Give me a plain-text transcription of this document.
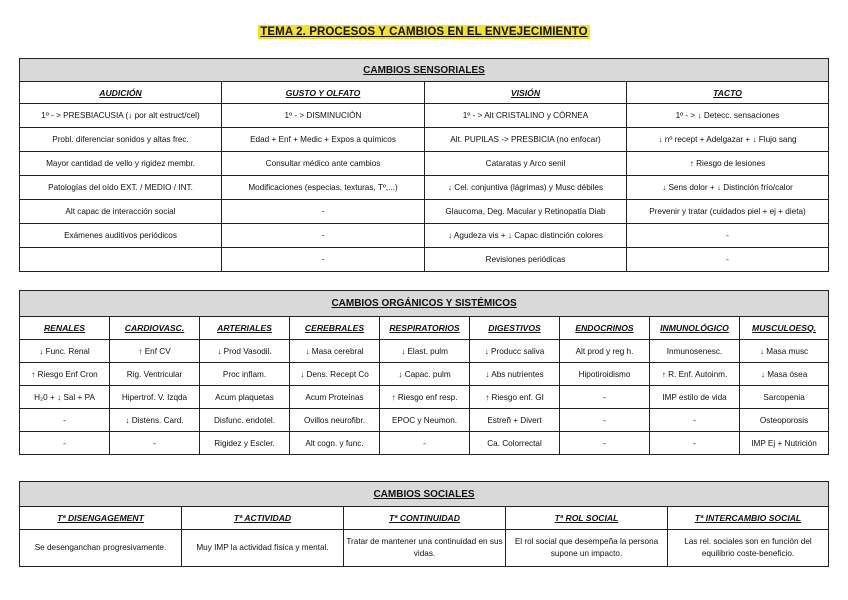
TEMA 2. PROCESOS Y CAMBIOS EN EL ENVEJECIMIENTO
CAMBIOS SENSORIALES			
AUDICIÓN	GUSTO Y OLFATO	VISIÓN	TACTO
1º - > PRESBIACUSIA (↓ por alt estruct/cel)	1º - > DISMINUCIÓN	1º - > Alt CRISTALINO y CÓRNEA	1º - > ↓ Detecc. sensaciones
Probl. diferenciar sonidos y altas frec.	Edad + Enf + Medic + Expos a químicos	Alt. PUPILAS -> PRESBICIA (no enfocar)	↓ nº recept + Adelgazar + ↓ Flujo sang
Mayor cantidad de vello y rigidez membr.	Consultar médico ante cambios	Cataratas y Arco senil	↑ Riesgo de lesiones
Patologías del oído EXT. / MEDIO / INT.	Modificaciones (especias, texturas, Tº,...)	↓ Cel. conjuntiva (lágrimas) y Musc débiles	↓ Sens dolor + ↓ Distinción frío/calor
Alt capac de interacción social	-	Glaucoma, Deg. Macular y Retinopatía Diab	Prevenir y tratar (cuidados piel + ej + dieta)
Exámenes auditivos periódicos	-	↓ Agudeza vis + ↓ Capac distinción colores	-
	-	Revisiones periódicas	-
CAMBIOS ORGÁNICOS Y SISTÉMICOS								
RENALES	CARDIOVASC.	ARTERIALES	CEREBRALES	RESPIRATORIOS	DIGESTIVOS	ENDOCRINOS	INMUNOLÓGICO	MUSCULOESQ.
↓ Func. Renal	↑ Enf CV	↓ Prod Vasodil.	↓ Masa cerebral	↓ Elast. pulm	↓ Producc saliva	Alt prod y reg h.	Inmunosenesc.	↓ Masa musc
↑ Riesgo Enf Cron	Rig. Ventricular	Proc inflam.	↓ Dens. Recept Co	↓ Capac. pulm	↓ Abs nutrientes	Hipotiroidismo	↑ R. Enf. Autoinm.	↓ Masa ósea
H₂0 + ↓ Sal + PA	Hipertrof. V. Izqda	Acum plaquetas	Acum Proteínas	↑ Riesgo enf resp.	↑ Riesgo enf. GI	-	IMP estilo de vida	Sarcopenia
-	↓ Distens. Card.	Disfunc. endotel.	Ovillos neurofibr.	EPOC y Neumon.	Estreñ + Divert	-	-	Osteoporosis
-	-	Rigidez y Escler.	Alt cogn. y func.	-	Ca. Colorrectal	-	-	IMP Ej + Nutrición
CAMBIOS SOCIALES				
Tª DISENGAGEMENT	Tª ACTIVIDAD	Tª CONTINUIDAD	Tª ROL SOCIAL	Tª INTERCAMBIO SOCIAL
Se desenganchan progresivamente.	Muy IMP la actividad física y mental.	Tratar de mantener una continuidad en sus vidas.	El rol social que desempeña la persona supone un impacto.	Las rel. sociales son en función del equilibrio coste-beneficio.
